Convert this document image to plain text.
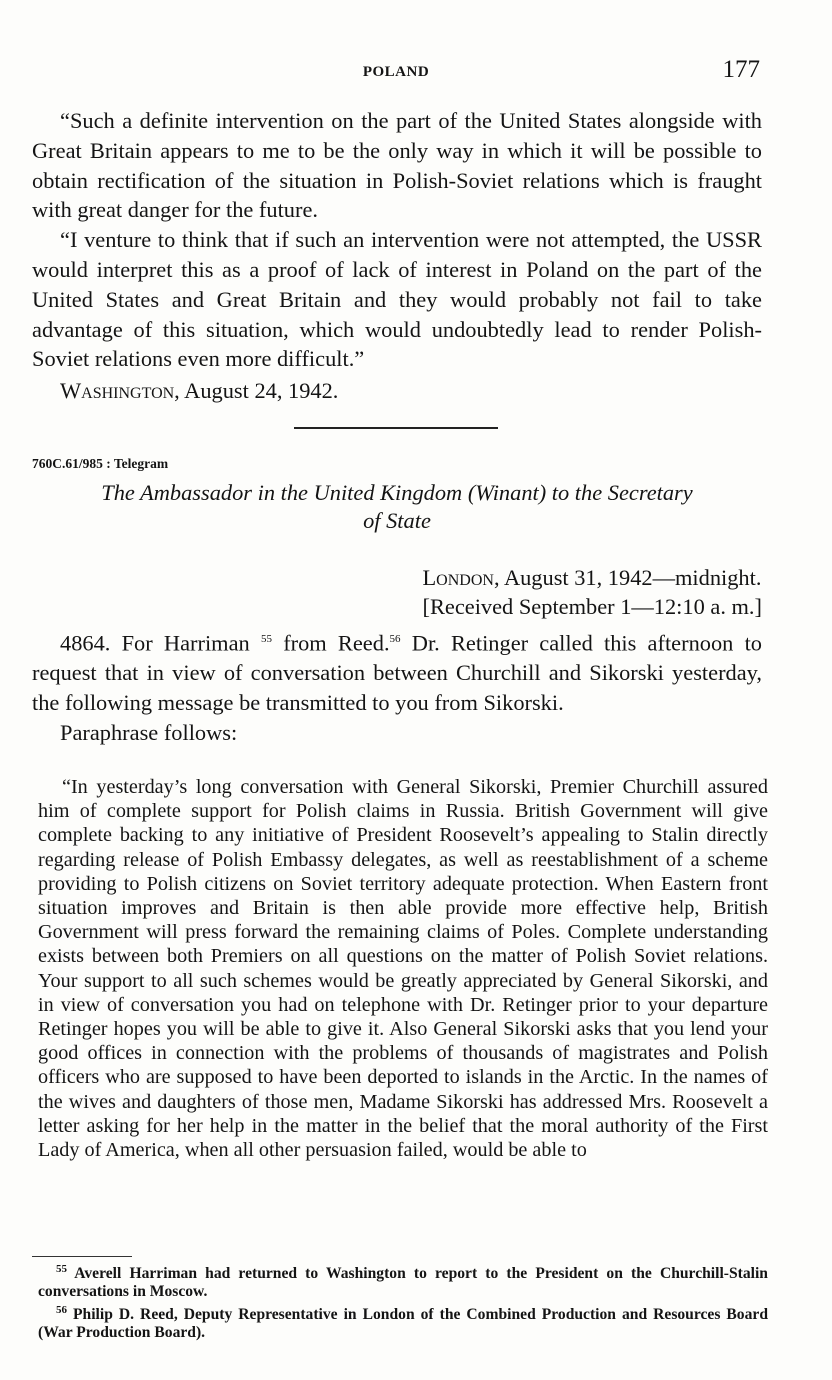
POLAND	177

“Such a definite intervention on the part of the United States alongside with Great Britain appears to me to be the only way in which it will be possible to obtain rectification of the situation in Polish-Soviet relations which is fraught with great danger for the future.

“I venture to think that if such an intervention were not attempted, the USSR would interpret this as a proof of lack of interest in Poland on the part of the United States and Great Britain and they would probably not fail to take advantage of this situation, which would undoubtedly lead to render Polish-Soviet relations even more difficult.”

Washington, August 24, 1942.

760C.61/985 : Telegram
The Ambassador in the United Kingdom (Winant) to the Secretary
of State
London, August 31, 1942—midnight.
[Received September 1—12:10 a. m.]

4864. For Harriman $^{55}$ from Reed.$^{56}$ Dr. Retinger called this afternoon to request that in view of conversation between Churchill and Sikorski yesterday, the following message be transmitted to you from Sikorski.

Paraphrase follows:

“In yesterday’s long conversation with General Sikorski, Premier Churchill assured him of complete support for Polish claims in Russia. British Government will give complete backing to any initiative of President Roosevelt’s appealing to Stalin directly regarding release of Polish Embassy delegates, as well as reestablishment of a scheme providing to Polish citizens on Soviet territory adequate protection. When Eastern front situation improves and Britain is then able provide more effective help, British Government will press forward the remaining claims of Poles. Complete understanding exists between both Premiers on all questions on the matter of Polish Soviet relations. Your support to all such schemes would be greatly appreciated by General Sikorski, and in view of conversation you had on telephone with Dr. Retinger prior to your departure Retinger hopes you will be able to give it. Also General Sikorski asks that you lend your good offices in connection with the problems of thousands of magistrates and Polish officers who are supposed to have been deported to islands in the Arctic. In the names of the wives and daughters of those men, Madame Sikorski has addressed Mrs. Roosevelt a letter asking for her help in the matter in the belief that the moral authority of the First Lady of America, when all other persuasion failed, would be able to

$^{55}$ Averell Harriman had returned to Washington to report to the President on the Churchill-Stalin conversations in Moscow.

$^{56}$ Philip D. Reed, Deputy Representative in London of the Combined Production and Resources Board (War Production Board).
